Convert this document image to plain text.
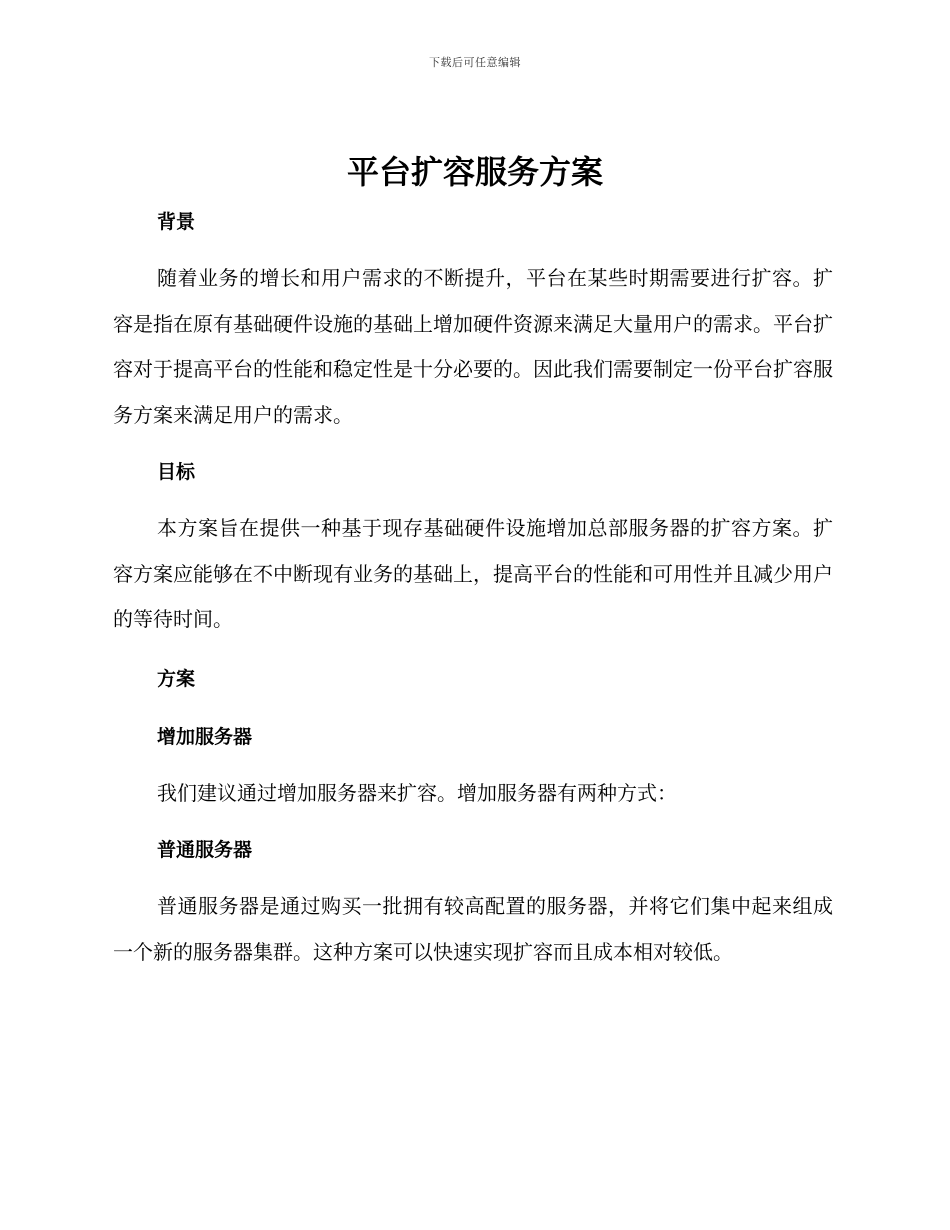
下载后可任意编辑
平台扩容服务方案
背景

随着业务的增长和用户需求的不断提升，平台在某些时期需要进行扩容。扩容是指在原有基础硬件设施的基础上增加硬件资源来满足大量用户的需求。平台扩容对于提高平台的性能和稳定性是十分必要的。因此我们需要制定一份平台扩容服务方案来满足用户的需求。

目标

本方案旨在提供一种基于现存基础硬件设施增加总部服务器的扩容方案。扩容方案应能够在不中断现有业务的基础上，提高平台的性能和可用性并且减少用户的等待时间。

方案
增加服务器

我们建议通过增加服务器来扩容。增加服务器有两种方式：

普通服务器

普通服务器是通过购买一批拥有较高配置的服务器，并将它们集中起来组成一个新的服务器集群。这种方案可以快速实现扩容而且成本相对较低。
